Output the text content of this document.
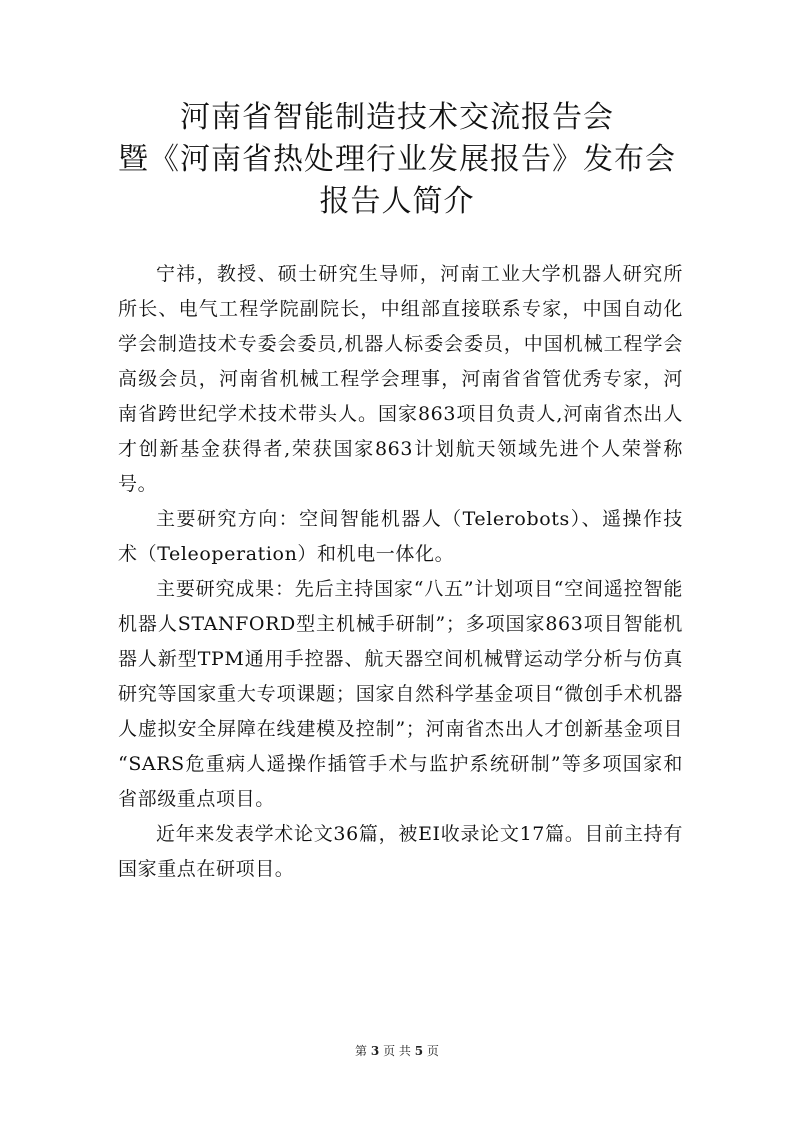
河南省智能制造技术交流报告会
暨《河南省热处理行业发展报告》发布会
报告人简介

宁祎，教授、硕士研究生导师，河南工业大学机器人研究所所长、电气工程学院副院长，中组部直接联系专家，中国自动化学会制造技术专委会委员,机器人标委会委员，中国机械工程学会高级会员，河南省机械工程学会理事，河南省省管优秀专家，河南省跨世纪学术技术带头人。国家863项目负责人,河南省杰出人才创新基金获得者,荣获国家863计划航天领域先进个人荣誉称号。

主要研究方向：空间智能机器人（Telerobots）、遥操作技术（Teleoperation）和机电一体化。

主要研究成果：先后主持国家“八五”计划项目“空间遥控智能机器人STANFORD型主机械手研制”；多项国家863项目智能机器人新型TPM通用手控器、航天器空间机械臂运动学分析与仿真研究等国家重大专项课题；国家自然科学基金项目“微创手术机器人虚拟安全屏障在线建模及控制”；河南省杰出人才创新基金项目 “SARS危重病人遥操作插管手术与监护系统研制”等多项国家和省部级重点项目。

近年来发表学术论文36篇，被EI收录论文17篇。目前主持有国家重点在研项目。

第 3 页 共 5 页
